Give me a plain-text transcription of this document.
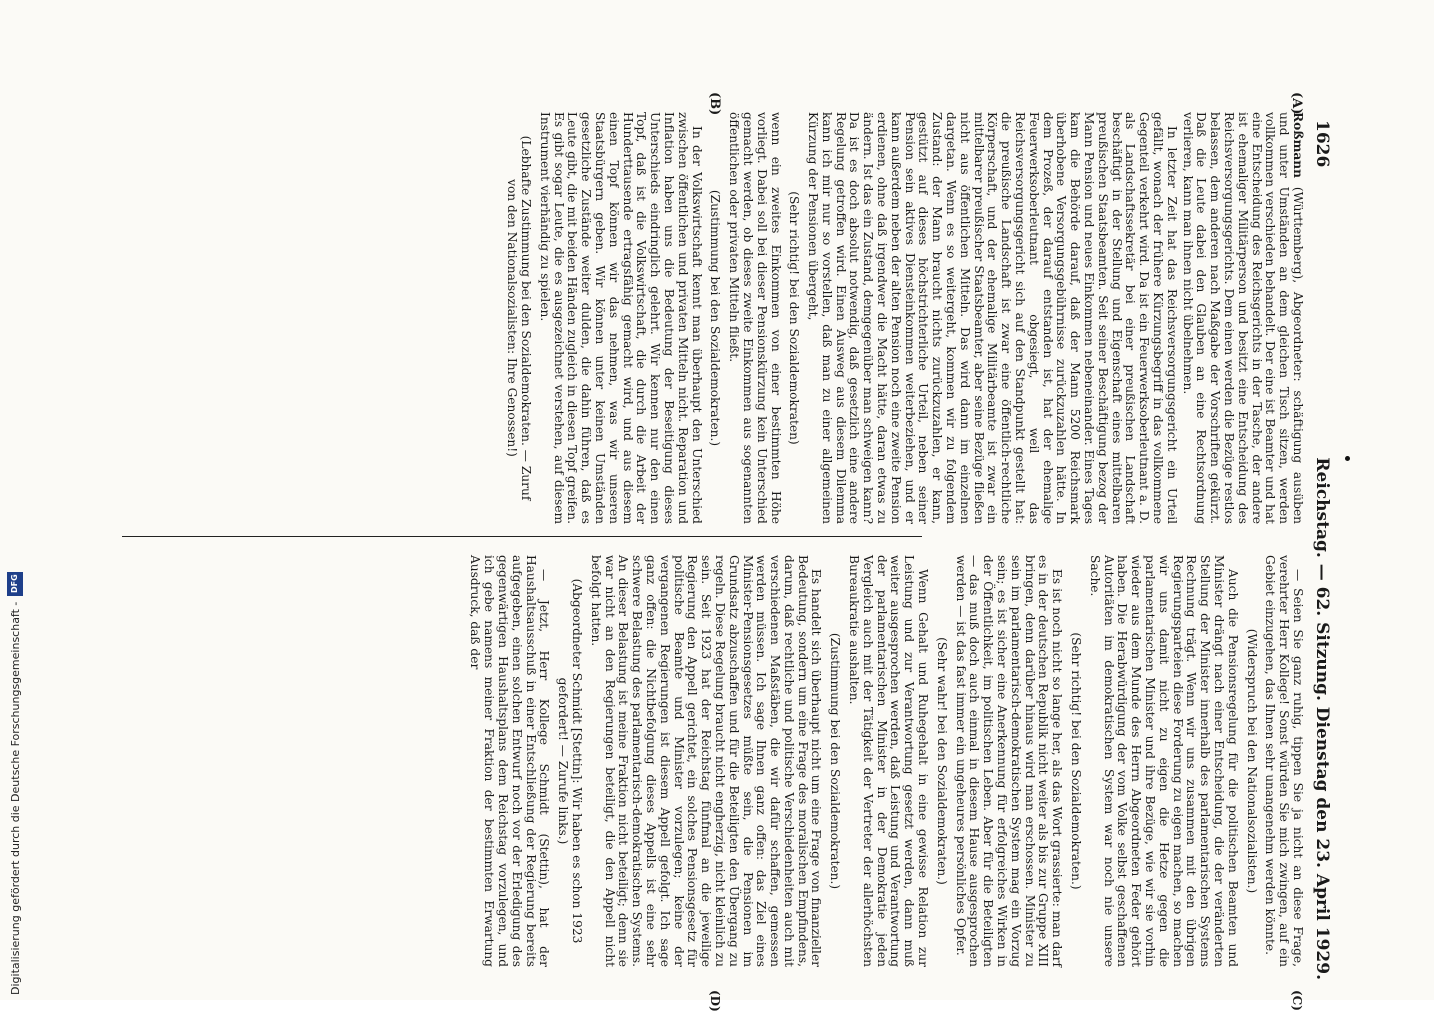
1626
Reichstag. — 62. Sitzung. Dienstag den 23. April 1929.
(A)
(B)
(C)
(D)

Roßmann (Württemberg), Abgeordneter: schäftigung ausüben und unter Umständen an dem gleichen Tisch sitzen, werden vollkommen verschieden behandelt. Der eine ist Beamter und hat eine Entscheidung des Reichsgerichts in der Tasche, der andere ist ehemaliger Militärperson und besitzt eine Entscheidung des Reichsversorgungsgerichts. Dem einen werden die Bezüge restlos belassen, dem anderen nach Maßgabe der Vorschriften gekürzt. Daß die Leute dabei den Glauben an eine Rechtsordnung verlieren, kann man ihnen nicht übelnehmen.

In letzter Zeit hat das Reichsversorgungsgericht ein Urteil gefällt, wonach der frühere Kürzungsbegriff in das vollkommene Gegenteil verkehrt wird. Da ist ein Feuerwerksoberleutnant a. D. als Landschaftssekretär bei einer preußischen Landschaft beschäftigt in der Stellung und Eigenschaft eines mittelbaren preußischen Staatsbeamten. Seit seiner Beschäftigung bezog der Mann Pension und neues Einkommen nebeneinander. Eines Tages kam die Behörde darauf, daß der Mann 5200 Reichsmark überhobene Versorgungsgebührnisse zurückzuzahlen hätte. In dem Prozeß, der darauf entstanden ist, hat der ehemalige Feuerwerksoberleutnant obgesiegt, weil das Reichsversorgungsgericht sich auf den Standpunkt gestellt hat: die preußische Landschaft ist zwar eine öffentlich-rechtliche Körperschaft, und der ehemalige Militärbeamte ist zwar ein mittelbarer preußischer Staatsbeamter, aber seine Bezüge fließen nicht aus öffentlichen Mitteln. Das wird dann im einzelnen dargetan. Wenn es so weitergeht, kommen wir zu folgendem Zustand: der Mann braucht nichts zurückzuzahlen, er kann, gestützt auf dieses höchstrichterliche Urteil, neben seiner Pension sein aktives Diensteinkommen weiterbeziehen, und er kann außerdem neben der alten Pension noch eine zweite Pension erdienen, ohne daß irgendwer die Macht hätte, daran etwas zu ändern. Ist das ein Zustand, demgegenüber man schweigen kann? Da ist es doch absolut notwendig, daß gesetzlich eine andere Regelung getroffen wird. Einen Ausweg aus diesem Dilemma kann ich mir nur so vorstellen, daß man zu einer allgemeinen Kürzung der Pensionen übergeht,

(Sehr richtig! bei den Sozialdemokraten)

wenn ein zweites Einkommen von einer bestimmten Höhe vorliegt. Dabei soll bei dieser Pensionskürzung kein Unterschied gemacht werden, ob dieses zweite Einkommen aus sogenannten öffentlichen oder privaten Mitteln fließt.

(Zustimmung bei den Sozialdemokraten.)

In der Volkswirtschaft kennt man überhaupt den Unterschied zwischen öffentlichen und privaten Mitteln nicht. Reparation und Inflation haben uns die Bedeutung der Beseitigung dieses Unterschieds eindringlich gelehrt. Wir kennen nur den einen Topf, daß ist die Volkswirtschaft, die durch die Arbeit der Hunderttausende ertragsfähig gemacht wird, und aus diesem einen Topf können wir das nehmen, was wir unseren Staatsbürgern geben. Wir können unter keinen Umständen gesetzliche Zustände weiter dulden, die dahin führen, daß es Leute gibt, die mit beiden Händen zugleich in diesen Topf greifen. Es gibt sogar Leute, die es ausgezeichnet verstehen, auf diesem Instrument vierhändig zu spielen.

(Lebhafte Zustimmung bei den Sozialdemokraten. — Zuruf von den Nationalsozialisten: Ihre Genossen!)

— Seien Sie ganz ruhig, tippen Sie ja nicht an diese Frage, verehrter Herr Kollege! Sonst würden Sie mich zwingen, auf ein Gebiet einzugehen, das Ihnen sehr unangenehm werden könnte.

(Widerspruch bei den Nationalsozialisten.)

Auch die Pensionsregelung für die politischen Beamten und Minister drängt nach einer Entscheidung, die der veränderten Stellung der Minister innerhalb des parlamentarischen Systems Rechnung trägt. Wenn wir uns zusammen mit den übrigen Regierungsparteien diese Forderung zu eigen machen, so machen wir uns damit nicht zu eigen die Hetze gegen die parlamentarischen Minister und ihre Bezüge, wie wir sie vorhin wieder aus dem Munde des Herrn Abgeordneten Feder gehört haben. Die Herabwürdigung der vom Volke selbst geschaffenen Autoritäten im demokratischen System war noch nie unsere Sache.

(Sehr richtig! bei den Sozialdemokraten.)

Es ist noch nicht so lange her, als das Wort grassierte: man darf es in der deutschen Republik nicht weiter als bis zur Gruppe XIII bringen, denn darüber hinaus wird man erschossen. Minister zu sein im parlamentarisch-demokratischen System mag ein Vorzug sein; es ist sicher eine Anerkennung für erfolgreiches Wirken in der Öffentlichkeit, im politischen Leben. Aber für die Beteiligten — das muß doch auch einmal in diesem Hause ausgesprochen werden — ist das fast immer ein ungeheures persönliches Opfer.

(Sehr wahr! bei den Sozialdemokraten.)

Wenn Gehalt und Ruhegehalt in eine gewisse Relation zur Leistung und zur Verantwortung gesetzt werden, dann muß weiter ausgesprochen werden, daß Leistung und Verantwortung der parlamentarischen Minister in der Demokratie jeden Vergleich auch mit der Tätigkeit der Vertreter der allerhöchsten Bureaukratie aushalten.

(Zustimmung bei den Sozialdemokraten.)

Es handelt sich überhaupt nicht um eine Frage von finanzieller Bedeutung, sondern um eine Frage des moralischen Empfindens, darum, daß rechtliche und politische Verschiedenheiten auch mit verschiedenen Maßstäben, die wir dafür schaffen, gemessen werden müssen. Ich sage Ihnen ganz offen: das Ziel eines Minister-Pensionsgesetzes müßte sein, die Pensionen im Grundsatz abzuschaffen und für die Beteiligten den Übergang zu regeln. Diese Regelung braucht nicht engherzig, nicht kleinlich zu sein. Seit 1923 hat der Reichstag fünfmal an die jeweilige Regierung den Appell gerichtet, ein solches Pensionsgesetz für politische Beamte und Minister vorzulegen; keine der vergangenen Regierungen ist diesem Appell gefolgt. Ich sage ganz offen: die Nichtbefolgung dieses Appells ist eine sehr schwere Belastung des parlamentarisch-demokratischen Systems. An dieser Belastung ist meine Fraktion nicht beteiligt; denn sie war nicht an den Regierungen beteiligt, die den Appell nicht befolgt hatten.

(Abgeordneter Schmidt [Stettin]: Wir haben es schon 1923 gefordert! — Zurufe links.)

— Jetzt, Herr Kollege Schmidt (Stettin), hat der Haushaltsausschuß in einer Entschließung der Regierung bereits aufgegeben, einen solchen Entwurf noch vor der Erledigung des gegenwärtigen Haushaltsplans dem Reichstag vorzulegen, und ich gebe namens meiner Fraktion der bestimmten Erwartung Ausdruck, daß der

Digitalisierung gefördert durch die Deutsche Forschungsgemeinschaft -
DFG
